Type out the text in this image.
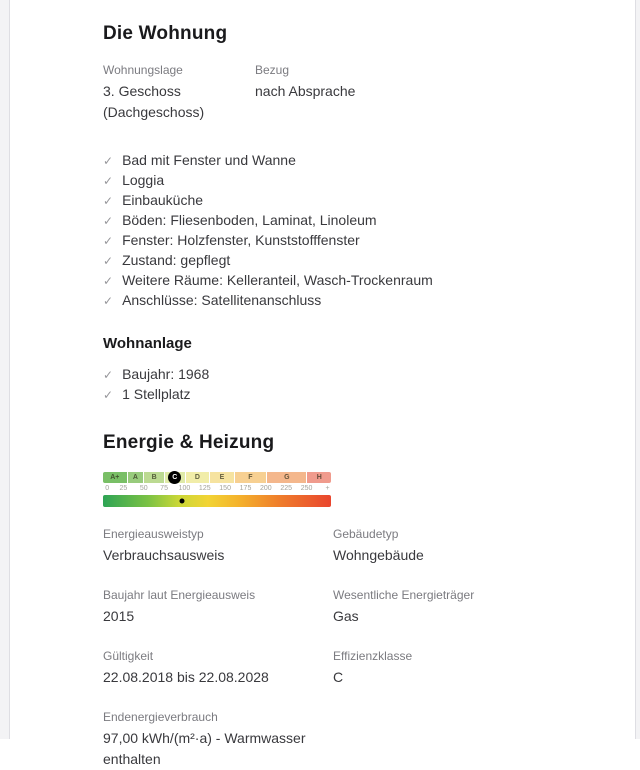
Die Wohnung
Wohnungslage
3. Geschoss (Dachgeschoss)
Bezug
nach Absprache
✓ Bad mit Fenster und Wanne
✓ Loggia
✓ Einbauküche
✓ Böden: Fliesenboden, Laminat, Linoleum
✓ Fenster: Holzfenster, Kunststofffenster
✓ Zustand: gepflegt
✓ Weitere Räume: Kelleranteil, Wasch-Trockenraum
✓ Anschlüsse: Satellitenanschluss
Wohnanlage
✓ Baujahr: 1968
✓ 1 Stellplatz
Energie & Heizung
A+ A B	C	D	E	F	G	H
0 25 50 75 100 125 150 175 200 225 250 +
Energieausweistyp
Verbrauchsausweis
Gebäudetyp
Wohngebäude
Baujahr laut Energieausweis
2015
Wesentliche Energieträger
Gas
Gültigkeit
22.08.2018 bis 22.08.2028
Effizienzklasse
C
Endenergieverbrauch
97,00 kWh/(m²·a) - Warmwasser enthalten
